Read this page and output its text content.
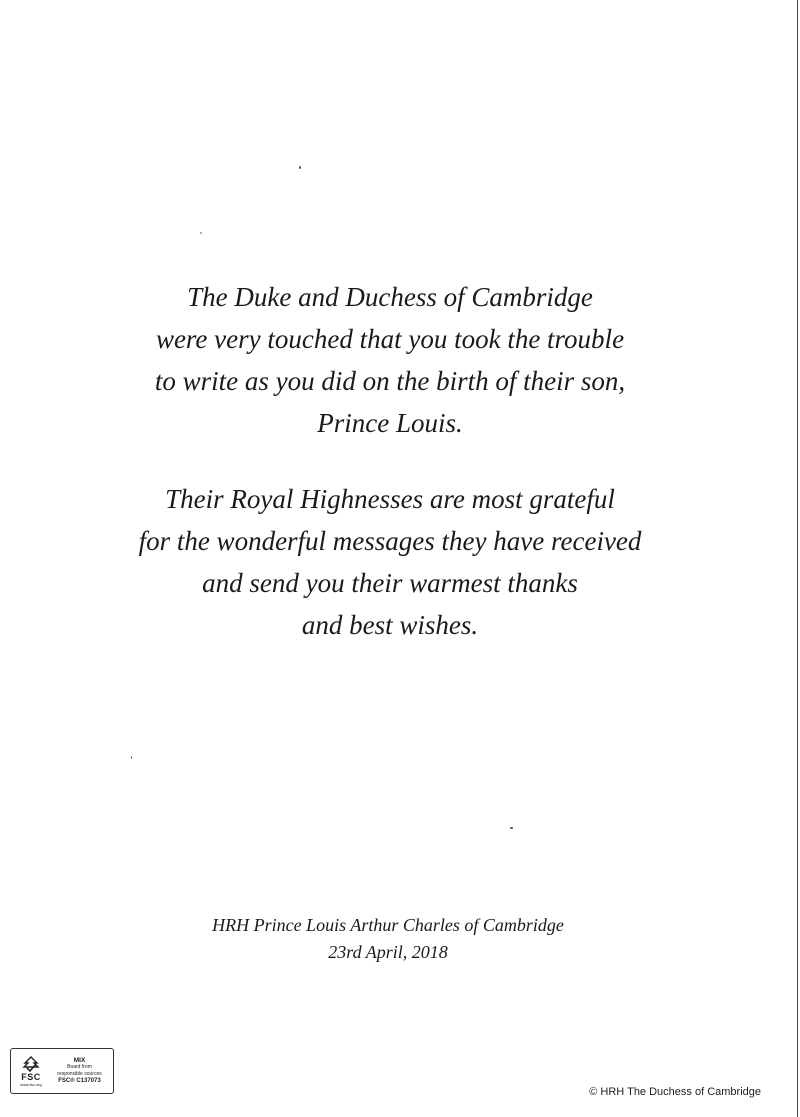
The Duke and Duchess of Cambridge
were very touched that you took the trouble
to write as you did on the birth of their son,
Prince Louis.
Their Royal Highnesses are most grateful
for the wonderful messages they have received
and send you their warmest thanks
and best wishes.
HRH Prince Louis Arthur Charles of Cambridge
23rd April, 2018
FSC
www.fsc.org
MIX
Board from
responsible sources
FSC® C137073
© HRH The Duchess of Cambridge
